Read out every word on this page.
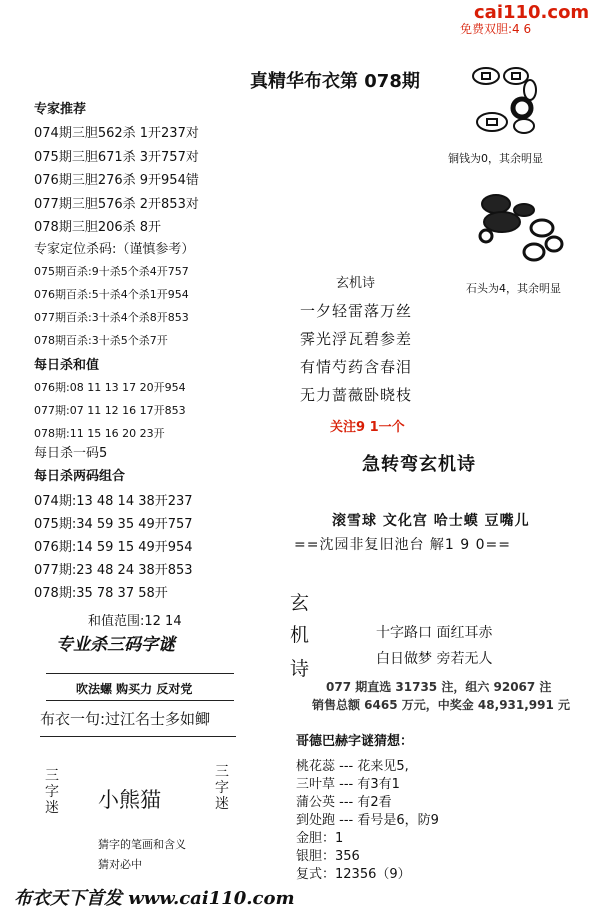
cai110.com
免费双胆:4 6
真精华布衣第 078期
专家推荐
074期三胆562杀 1开237对
075期三胆671杀 3开757对
076期三胆276杀 9开954错
077期三胆576杀 2开853对
078期三胆206杀 8开
专家定位杀码:（谨慎参考）
075期百杀:9十杀5个杀4开757
076期百杀:5十杀4个杀1开954
077期百杀:3十杀4个杀8开853
078期百杀:3十杀5个杀7开
每日杀和值
076期:08 11 13 17 20开954
077期:07 11 12 16 17开853
078期:11 15 16 20 23开
每日杀一码5
每日杀两码组合
074期:13 48 14 38开237
075期:34 59 35 49开757
076期:14 59 15 49开954
077期:23 48 24 38开853
078期:35 78 37 58开
和值范围:12 14
专业杀三码字谜
吹法螺 购买力 反对党
布衣一句:过江名士多如鲫
三字迷 小熊猫
三字迷
猜字的笔画和含义
猜对必中
铜钱为0，其余明显
石头为4，其余明显
玄机诗
一夕轻雷落万丝
霁光浮瓦碧参差
有情芍药含春泪
无力蔷薇卧晓枝
关注9 1一个
急转弯玄机诗
滚雪球 文化宫 哈士蟆 豆嘴儿
==沈园非复旧池台 解1 9 0==
玄
机
诗
十字路口 面红耳赤
白日做梦 旁若无人
077 期直选 31735 注，组六 92067 注
销售总额 6465 万元，中奖金 48,931,991 元
哥德巴赫字谜猜想：
桃花蕊 --- 花来见5,
三叶草 --- 有3有1
蒲公英 --- 有2看
到处跑 --- 看号是6，防9
金胆：1
银胆：356
复式：12356（9）
布衣天下首发 www.cai110.com
